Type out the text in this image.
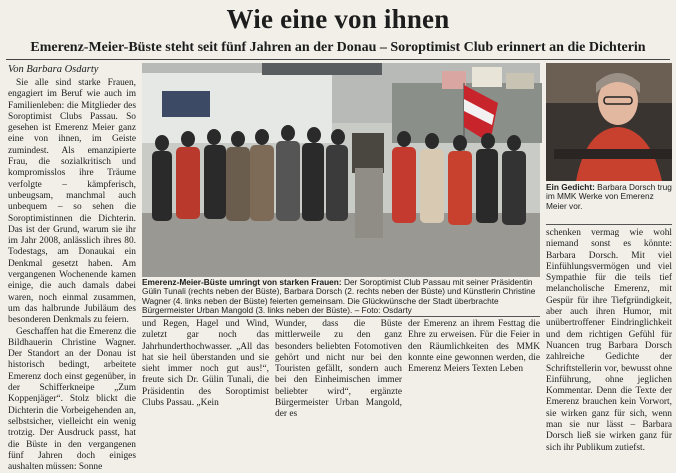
Wie eine von ihnen
Emerenz-Meier-Büste steht seit fünf Jahren an der Donau – Soroptimist Club erinnert an die Dichterin
Von Barbara Osdarty

Sie alle sind starke Frauen, engagiert im Beruf wie auch im Familienleben: die Mitglieder des Soroptimist Clubs Passau. So gesehen ist Emerenz Meier ganz eine von ihnen, im Geiste zumindest. Als emanzipierte Frau, die sozialkritisch und kompromisslos ihre Träume verfolgte – kämpferisch, unbeugsam, manchmal auch unbequem – so sehen die Soroptimistinnen die Dichterin. Das ist der Grund, warum sie ihr im Jahr 2008, anlässlich ihres 80. Todestags, am Donaukai ein Denkmal gesetzt haben. Am vergangenen Wochenende kamen einige, die auch damals dabei waren, noch einmal zusammen, um das halbrunde Jubiläum des besonderen Denkmals zu feiern.

Geschaffen hat die Emerenz die Bildhauerin Christine Wagner. Der Standort an der Donau ist historisch bedingt, arbeitete Emerenz doch einst gegenüber, in der Schifferkneipe „Zum Koppenjäger“. Stolz blickt die Dichterin die Vorbeigehenden an, selbstsicher, vielleicht ein wenig trotzig. Der Ausdruck passt, hat die Büste in den vergangenen fünf Jahren doch einiges aushalten müssen: Sonne

Emerenz-Meier-Büste umringt von starken Frauen: Der Soroptimist Club Passau mit seiner Präsidentin Gülin Tunali (rechts neben der Büste), Barbara Dorsch (2. rechts neben der Büste) und Künstlerin Christine Wagner (4. links neben der Büste) feierten gemeinsam. Die Glückwünsche der Stadt überbrachte Bürgermeister Urban Mangold (3. links neben der Büste). – Foto: Osdarty
und Regen, Hagel und Wind, zuletzt gar noch das Jahrhunderthochwasser. „All das hat sie heil überstanden und sie sieht immer noch gut aus!“, freute sich Dr. Gülin Tunali, die Präsidentin des Soroptimist Clubs Passau. „Kein
Wunder, dass die Büste mittlerweile zu den ganz besonders beliebten Fotomotiven gehört und nicht nur bei den Touristen gefällt, sondern auch bei den Einheimischen immer beliebter wird“, ergänzte Bürgermeister Urban Mangold, der es
der Emerenz an ihrem Festtag die Ehre zu erweisen. Für die Feier in den Räumlichkeiten des MMK konnte eine gewonnen werden, die Emerenz Meiers Texten Leben
Ein Gedicht: Barbara Dorsch trug im MMK Werke von Emerenz Meier vor.
schenken vermag wie wohl niemand sonst es könnte: Barbara Dorsch. Mit viel Einfühlungsvermögen und viel Sympathie für die teils tief melancholische Emerenz, mit Gespür für ihre Tiefgründigkeit, aber auch ihren Humor, mit unübertroffener Eindringlichkeit und dem richtigen Gefühl für Nuancen trug Barbara Dorsch zahlreiche Gedichte der Schriftstellerin vor, bewusst ohne Einführung, ohne jeglichen Kommentar. Denn die Texte der Emerenz brauchen kein Vorwort, sie wirken ganz für sich, wenn man sie nur lässt – Barbara Dorsch ließ sie wirken ganz für sich ihr Publikum zutiefst.
